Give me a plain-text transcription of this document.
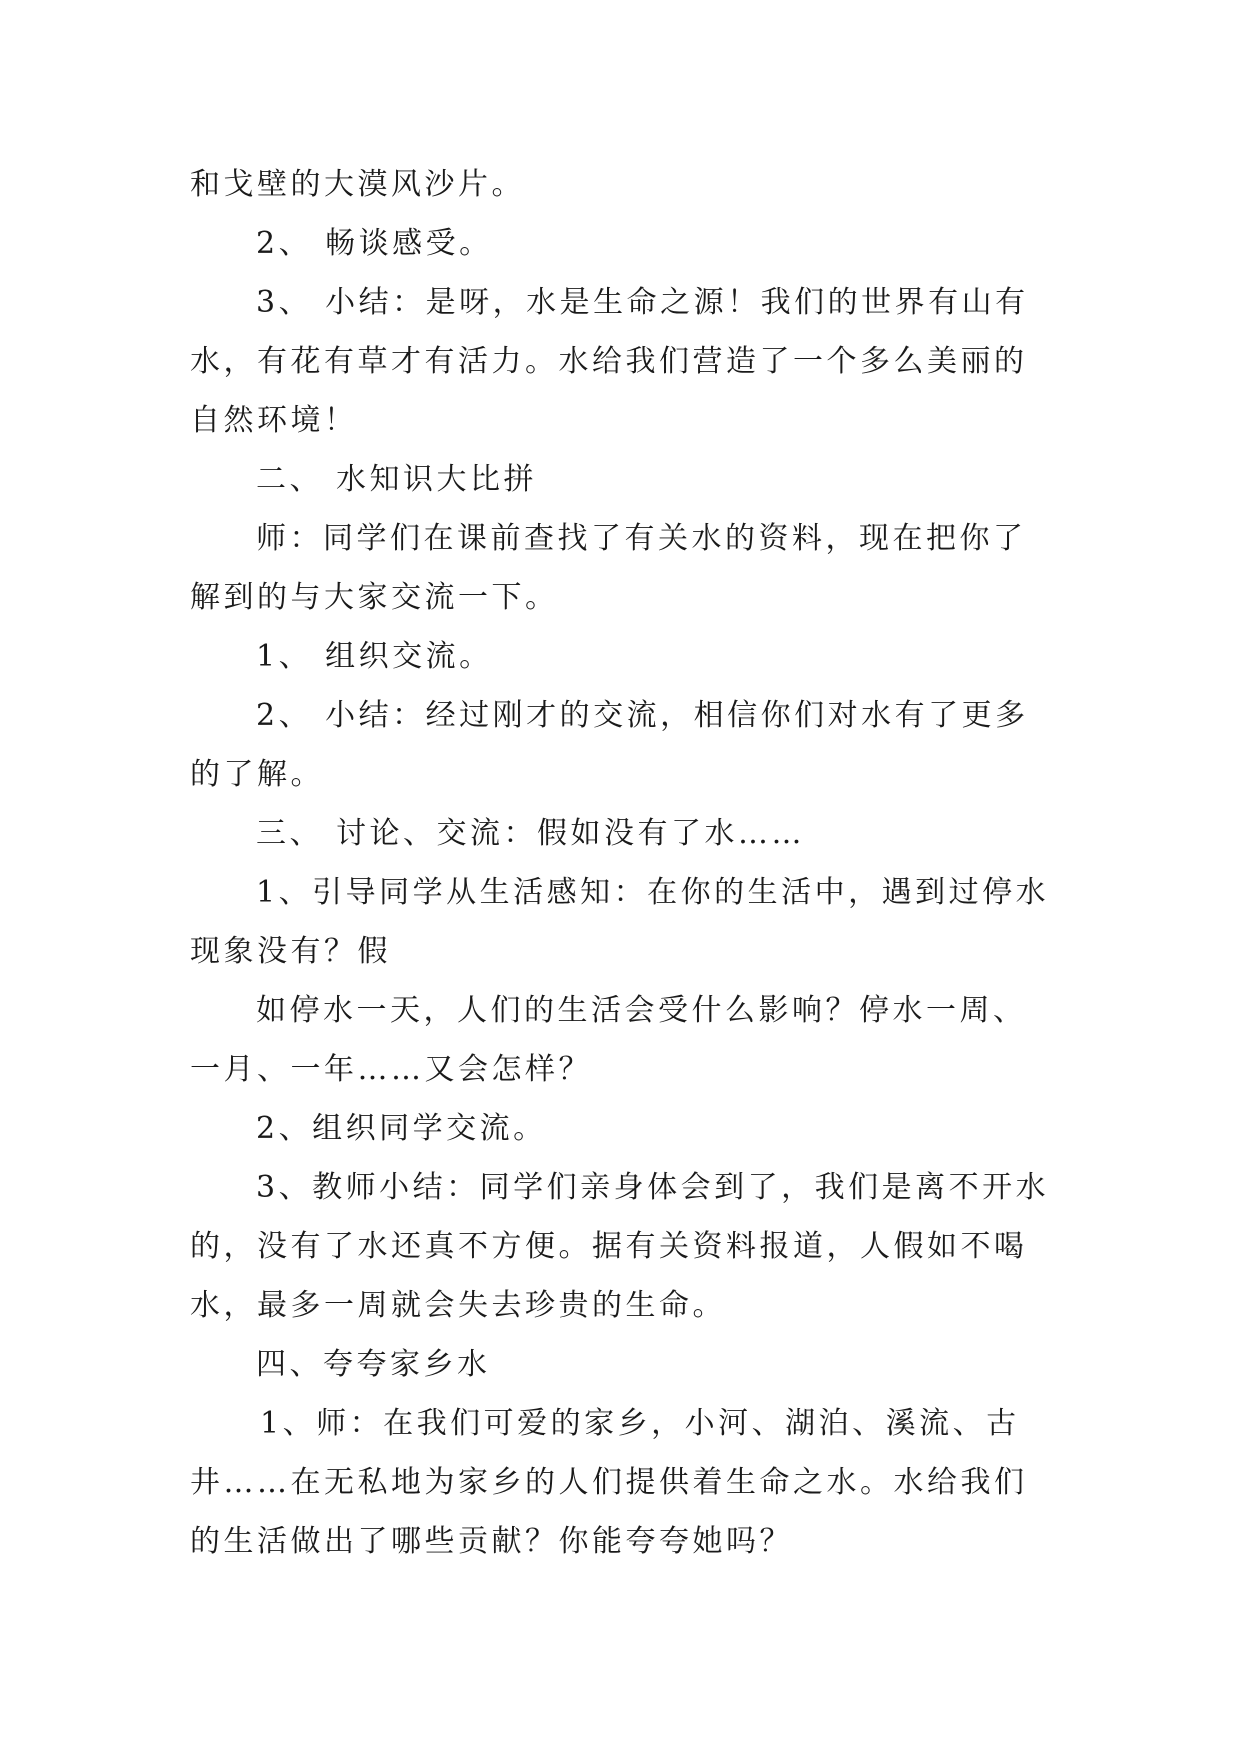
和戈壁的大漠风沙片。

2、 畅谈感受。

3、 小结：是呀，水是生命之源！我们的世界有山有水，有花有草才有活力。水给我们营造了一个多么美丽的自然环境！

二、 水知识大比拼

师：同学们在课前查找了有关水的资料，现在把你了解到的与大家交流一下。

1、 组织交流。

2、 小结：经过刚才的交流，相信你们对水有了更多的了解。

三、 讨论、交流：假如没有了水……

1、引导同学从生活感知：在你的生活中，遇到过停水现象没有？假

如停水一天，人们的生活会受什么影响？停水一周、一月、一年……又会怎样？

2、组织同学交流。

3、教师小结：同学们亲身体会到了，我们是离不开水的，没有了水还真不方便。据有关资料报道，人假如不喝水，最多一周就会失去珍贵的生命。

四、夸夸家乡水

1、师：在我们可爱的家乡，小河、湖泊、溪流、古井……在无私地为家乡的人们提供着生命之水。水给我们的生活做出了哪些贡献？你能夸夸她吗？
